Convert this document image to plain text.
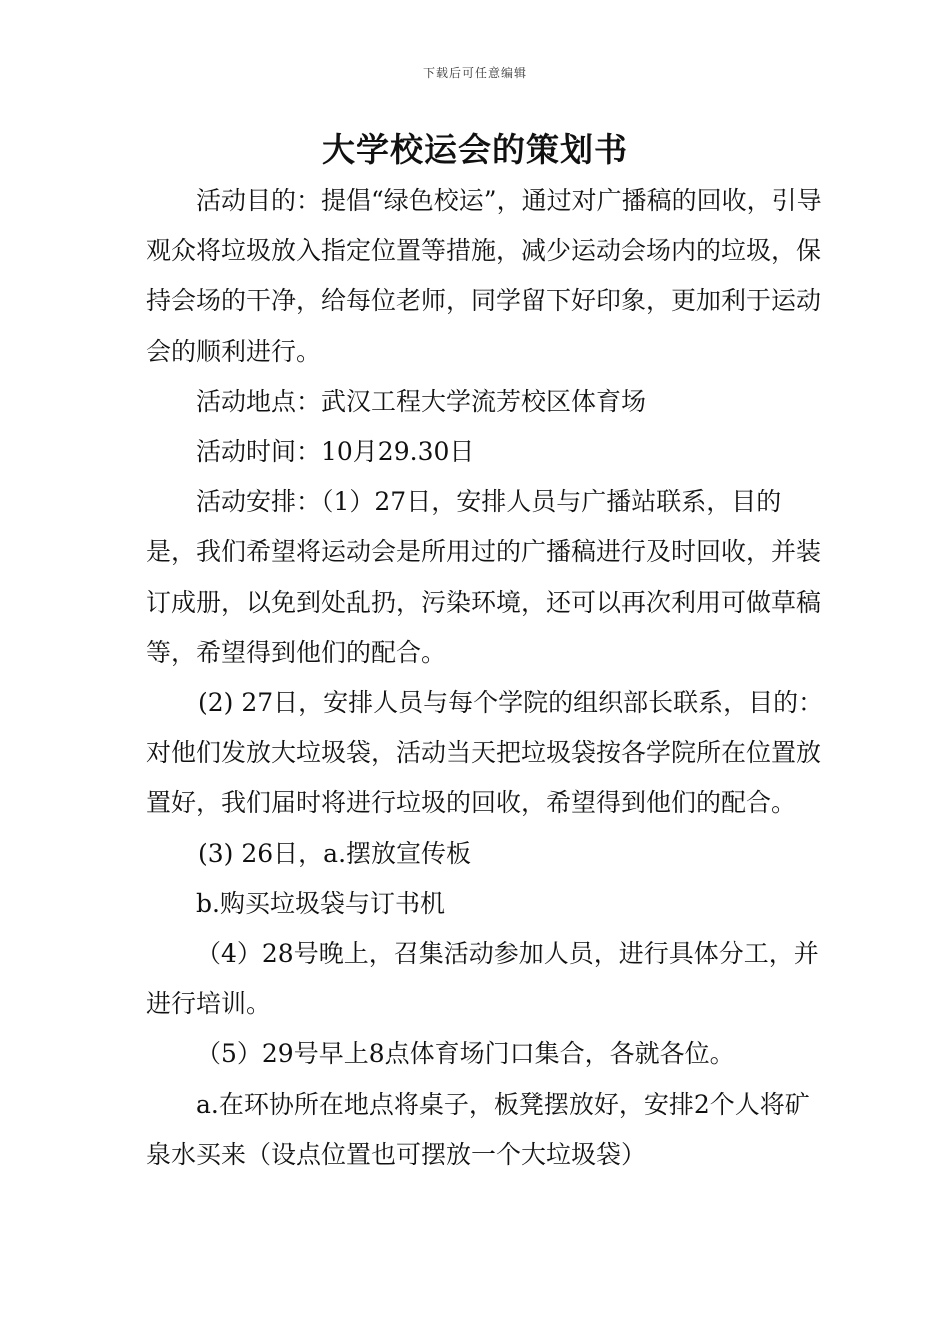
下载后可任意编辑
大学校运会的策划书

活动目的：提倡“绿色校运”，通过对广播稿的回收，引导观众将垃圾放入指定位置等措施，减少运动会场内的垃圾，保持会场的干净，给每位老师，同学留下好印象，更加利于运动会的顺利进行。

活动地点：武汉工程大学流芳校区体育场

活动时间：10月29.30日

活动安排：（1）27日，安排人员与广播站联系，目的是，我们希望将运动会是所用过的广播稿进行及时回收，并装订成册，以免到处乱扔，污染环境，还可以再次利用可做草稿等，希望得到他们的配合。

(2) 27日，安排人员与每个学院的组织部长联系，目的：对他们发放大垃圾袋，活动当天把垃圾袋按各学院所在位置放置好，我们届时将进行垃圾的回收，希望得到他们的配合。

(3) 26日，a.摆放宣传板

b.购买垃圾袋与订书机

（4）28号晚上，召集活动参加人员，进行具体分工，并进行培训。

（5）29号早上8点体育场门口集合，各就各位。

a.在环协所在地点将桌子，板凳摆放好，安排2个人将矿泉水买来（设点位置也可摆放一个大垃圾袋）
